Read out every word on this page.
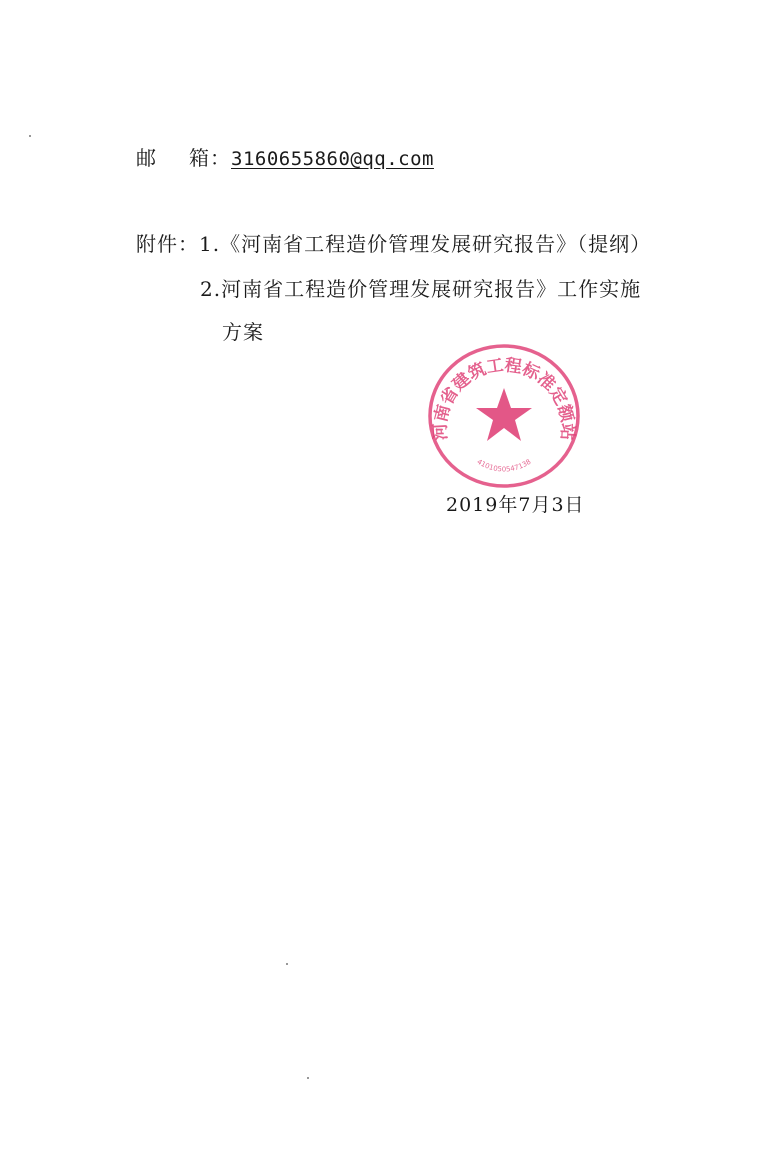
邮 箱：3160655860@qq.com
附件：1.《河南省工程造价管理发展研究报告》（提纲）
2.河南省工程造价管理发展研究报告》工作实施
方案
河南省建筑工程标准定额站
4101050547138
2019年7月3日
